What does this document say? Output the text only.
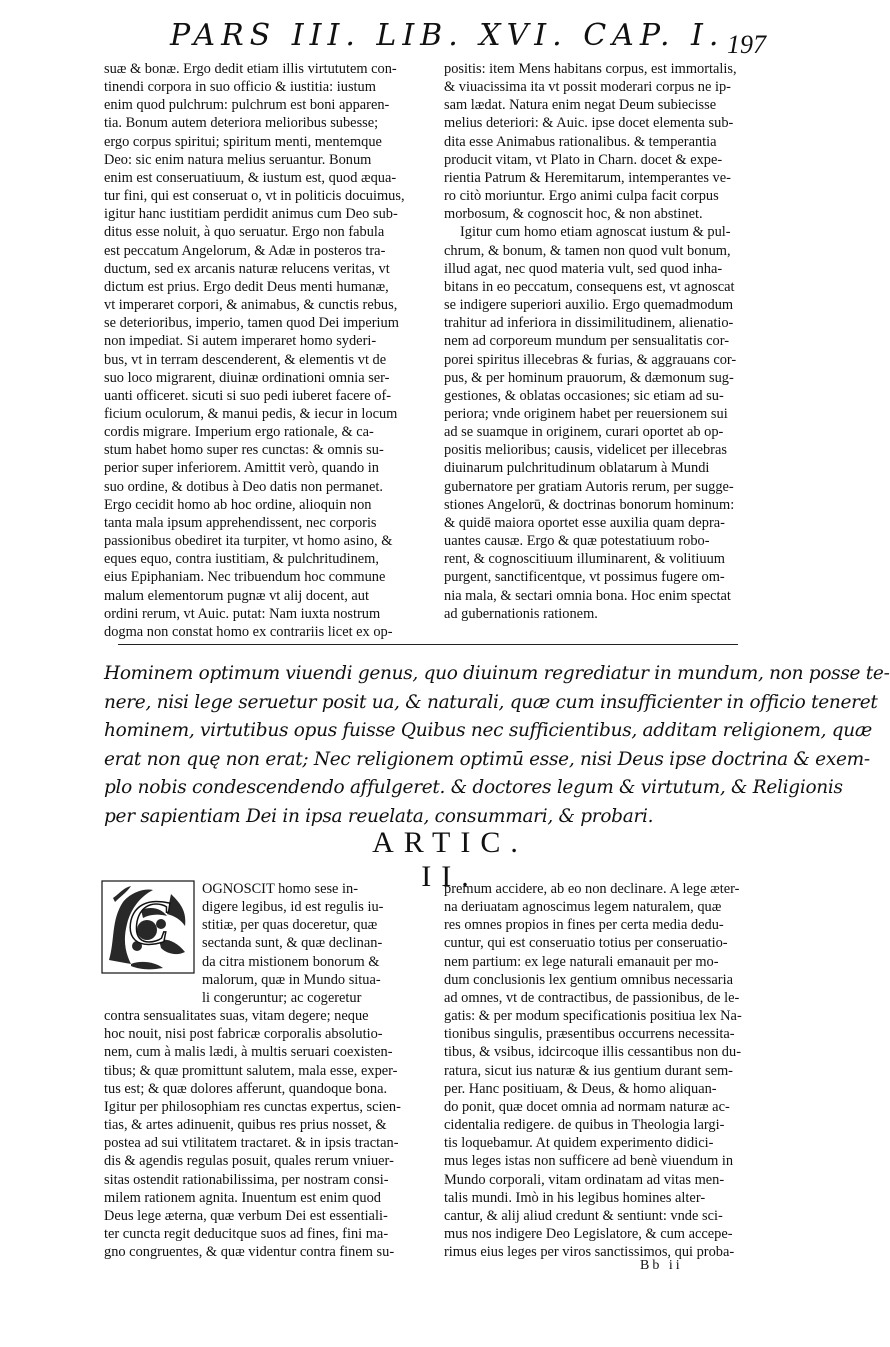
PARS III. LIB. XVI. CAP. I. 197
suæ & bonæ. Ergo dedit etiam illis virtututem con-
tinendi corpora in suo officio & iustitia: iustum
enim quod pulchrum: pulchrum est boni apparen-
tia. Bonum autem deteriora melioribus subesse;
ergo corpus spiritui; spiritum menti, mentemque
Deo: sic enim natura melius seruantur. Bonum
enim est conseruatiuum, & iustum est, quod æqua-
tur fini, qui est conseruat o, vt in politicis docuimus,
igitur hanc iustitiam perdidit animus cum Deo sub-
ditus esse noluit, à quo seruatur. Ergo non fabula
est peccatum Angelorum, & Adæ in posteros tra-
ductum, sed ex arcanis naturæ relucens veritas, vt
dictum est prius. Ergo dedit Deus menti humanæ,
vt imperaret corpori, & animabus, & cunctis rebus,
se deterioribus, imperio, tamen quod Dei imperium
non impediat. Si autem imperaret homo syderi-
bus, vt in terram descenderent, & elementis vt de
suo loco migrarent, diuinæ ordinationi omnia ser-
uanti officeret. sicuti si suo pedi iuberet facere of-
ficium oculorum, & manui pedis, & iecur in locum
cordis migrare. Imperium ergo rationale, & ca-
stum habet homo super res cunctas: & omnis su-
perior super inferiorem. Amittit verò, quando in
suo ordine, & dotibus à Deo datis non permanet.
Ergo cecidit homo ab hoc ordine, alioquin non
tanta mala ipsum apprehendissent, nec corporis
passionibus obediret ita turpiter, vt homo asino, &
eques equo, contra iustitiam, & pulchritudinem,
eius Epiphaniam. Nec tribuendum hoc commune
malum elementorum pugnæ vt alij docent, aut
ordini rerum, vt Auic. putat: Nam iuxta nostrum
dogma non constat homo ex contrariis licet ex op-
positis: item Mens habitans corpus, est immortalis,
& viuacissima ita vt possit moderari corpus ne ip-
sam lædat. Natura enim negat Deum subiecisse
melius deteriori: & Auic. ipse docet elementa sub-
dita esse Animabus rationalibus. & temperantia
producit vitam, vt Plato in Charn. docet & expe-
rientia Patrum & Heremitarum, intemperantes ve-
ro citò moriuntur. Ergo animi culpa facit corpus
morbosum, & cognoscit hoc, & non abstinet.
Igitur cum homo etiam agnoscat iustum & pul-
chrum, & bonum, & tamen non quod vult bonum,
illud agat, nec quod materia vult, sed quod inha-
bitans in eo peccatum, consequens est, vt agnoscat
se indigere superiori auxilio. Ergo quemadmodum
trahitur ad inferiora in dissimilitudinem, alienatio-
nem ad corporeum mundum per sensualitatis cor-
porei spiritus illecebras & furias, & aggrauans cor-
pus, & per hominum prauorum, & dæmonum sug-
gestiones, & oblatas occasiones; sic etiam ad su-
periora; vnde originem habet per reuersionem sui
ad se suamque in originem, curari oportet ab op-
positis melioribus; causis, videlicet per illecebras
diuinarum pulchritudinum oblatarum à Mundi
gubernatore per gratiam Autoris rerum, per sugge-
stiones Angelorū, & doctrinas bonorum hominum:
& quidē maiora oportet esse auxilia quam depra-
uantes causæ. Ergo & quæ potestatiuum robo-
rent, & cognoscitiuum illuminarent, & volitiuum
purgent, sanctificentque, vt possimus fugere om-
nia mala, & sectari omnia bona. Hoc enim spectat
ad gubernationis rationem.
Hominem optimum viuendi genus, quo diuinum regrediatur in mundum, non posse te-
nere, nisi lege seruetur posit ua, & naturali, quæ cum insufficienter in officio teneret
hominem, virtutibus opus fuisse Quibus nec sufficientibus, additam religionem, quæ
erat non quę non erat; Nec religionem optimū esse, nisi Deus ipse doctrina & exem-
plo nobis condescendendo affulgeret. & doctores legum & virtutum, & Religionis
per sapientiam Dei in ipsa reuelata, consummari, & probari.
ARTIC. II.
C	OGNOSCIT homo sese in-
digere legibus, id est regulis iu-
stitiæ, per quas doceretur, quæ
sectanda sunt, & quæ declinan-
da citra mistionem bonorum &
malorum, quæ in Mundo situa-
li congeruntur; ac cogeretur
contra sensualitates suas, vitam degere; neque
hoc nouit, nisi post fabricæ corporalis absolutio-
nem, cum à malis lædi, à multis seruari coexisten-
tibus; & quæ promittunt salutem, mala esse, exper-
tus est; & quæ dolores afferunt, quandoque bona.
Igitur per philosophiam res cunctas expertus, scien-
tias, & artes adinuenit, quibus res prius nosset, &
postea ad sui vtilitatem tractaret. & in ipsis tractan-
dis & agendis regulas posuit, quales rerum vniuer-
sitas ostendit rationabilissima, per nostram consi-
milem rationem agnita. Inuentum est enim quod
Deus lege æterna, quæ verbum Dei est essentiali-
ter cuncta regit deducitque suos ad fines, fini ma-
gno congruentes, & quæ videntur contra finem su-
premum accidere, ab eo non declinare. A lege æter-
na deriuatam agnoscimus legem naturalem, quæ
res omnes propios in fines per certa media dedu-
cuntur, qui est conseruatio totius per conseruatio-
nem partium: ex lege naturali emanauit per mo-
dum conclusionis lex gentium omnibus necessaria
ad omnes, vt de contractibus, de passionibus, de le-
gatis: & per modum specificationis positiua lex Na-
tionibus singulis, præsentibus occurrens necessita-
tibus, & vsibus, idcircoque illis cessantibus non du-
ratura, sicut ius naturæ & ius gentium durant sem-
per. Hanc positiuam, & Deus, & homo aliquan-
do ponit, quæ docet omnia ad normam naturæ ac-
cidentalia redigere. de quibus in Theologia largi-
tis loquebamur. At quidem experimento didici-
mus leges istas non sufficere ad benè viuendum in
Mundo corporali, vitam ordinatam ad vitas men-
talis mundi. Imò in his legibus homines alter-
cantur, & alij aliud credunt & sentiunt: vnde sci-
mus nos indigere Deo Legislatore, & cum accepe-
rimus eius leges per viros sanctissimos, qui proba-
Bb ii
